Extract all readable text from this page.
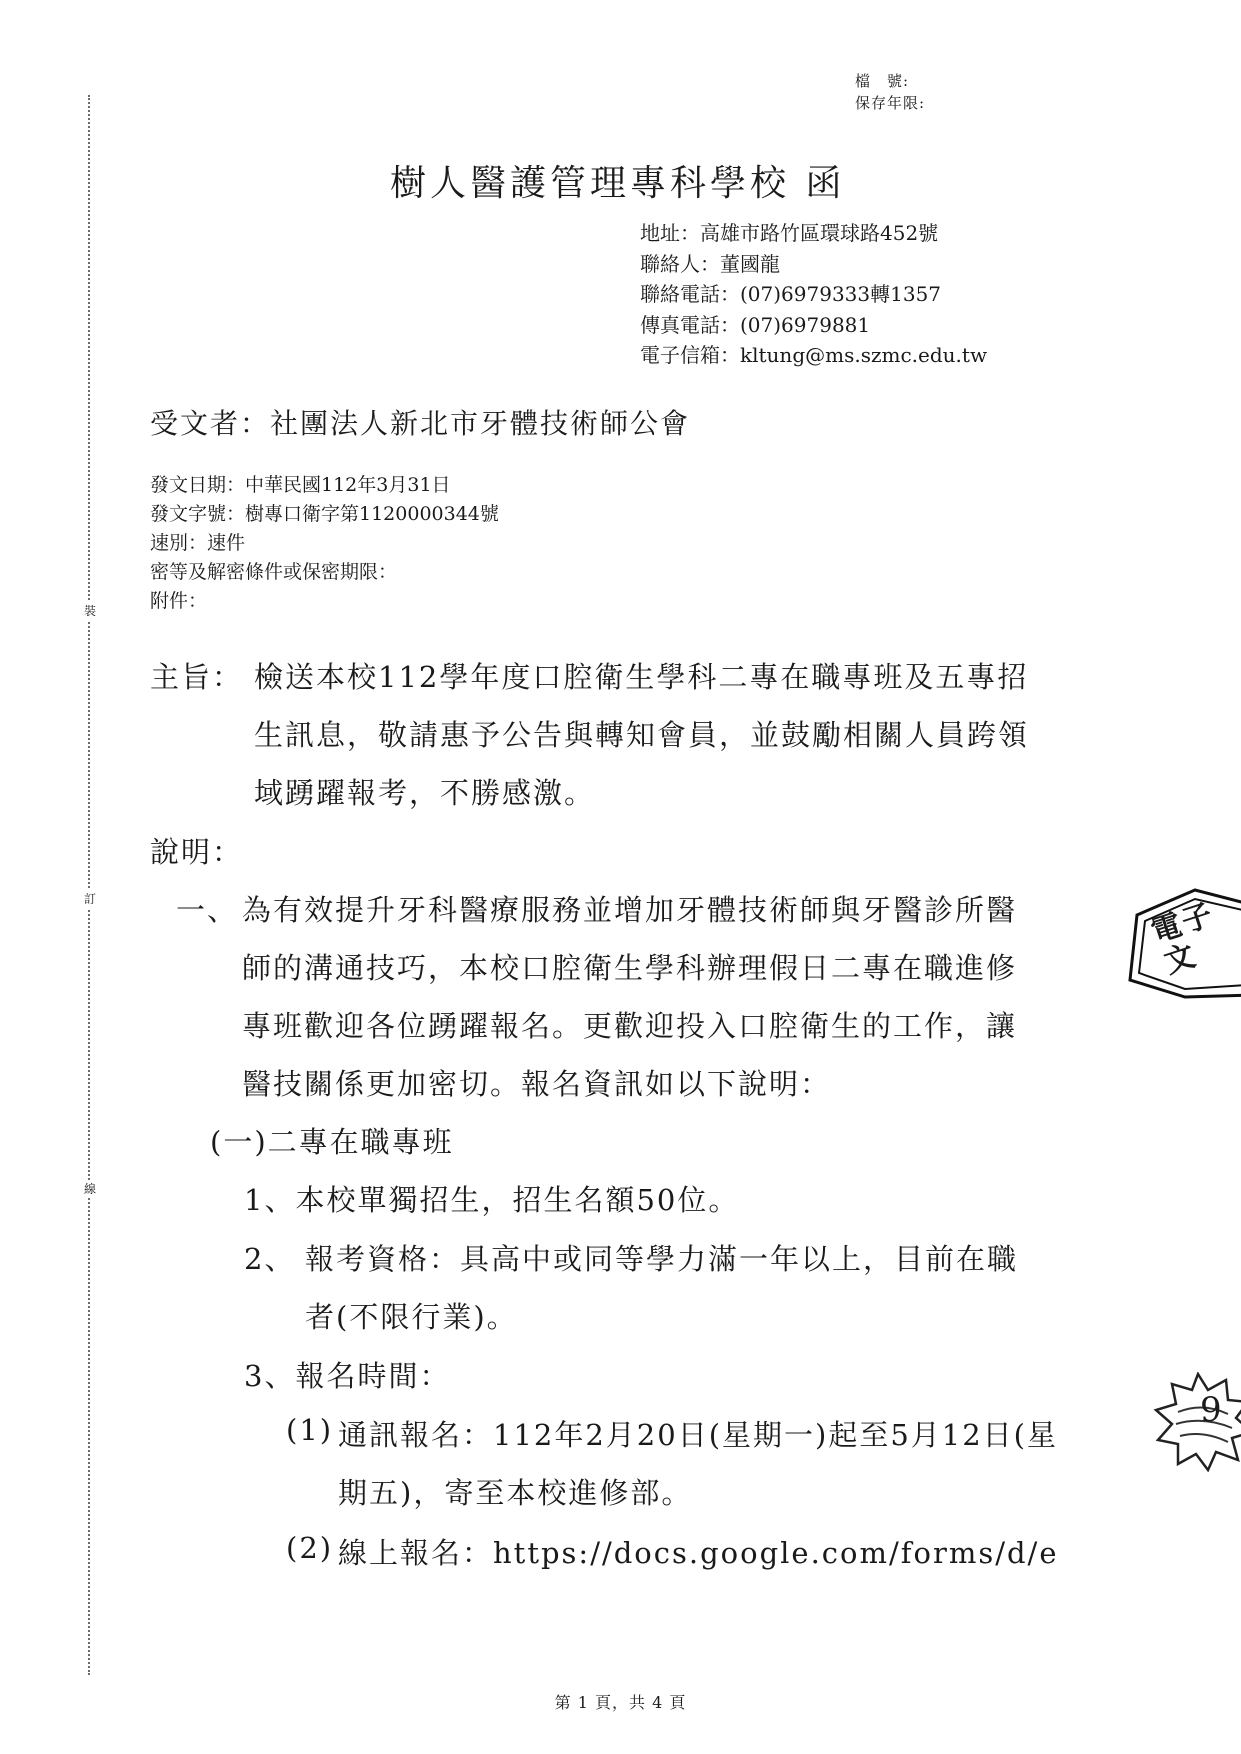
裝
訂
線
檔　號:
保存年限:
樹人醫護管理專科學校 函
地址：高雄市路竹區環球路452號
聯絡人：董國龍
聯絡電話：(07)6979333轉1357
傳真電話：(07)6979881
電子信箱：kltung@ms.szmc.edu.tw
受文者：社團法人新北市牙體技術師公會
發文日期：中華民國112年3月31日
發文字號：樹專口衛字第1120000344號
速別：速件
密等及解密條件或保密期限：
附件：
主旨： 檢送本校112學年度口腔衛生學科二專在職專班及五專招
生訊息，敬請惠予公告與轉知會員，並鼓勵相關人員跨領
域踴躍報考，不勝感激。
說明：
一、 為有效提升牙科醫療服務並增加牙體技術師與牙醫診所醫
師的溝通技巧，本校口腔衛生學科辦理假日二專在職進修
專班歡迎各位踴躍報名。更歡迎投入口腔衛生的工作，讓
醫技關係更加密切。報名資訊如以下說明：
(一)二專在職專班
1、本校單獨招生，招生名額50位。
2、 報考資格：具高中或同等學力滿一年以上，目前在職
者(不限行業)。
3、報名時間：
(1) 通訊報名：112年2月20日(星期一)起至5月12日(星
期五)，寄至本校進修部。
(2) 線上報名：https://docs.google.com/forms/d/e
電子
文
9
第 1 頁，共 4 頁
